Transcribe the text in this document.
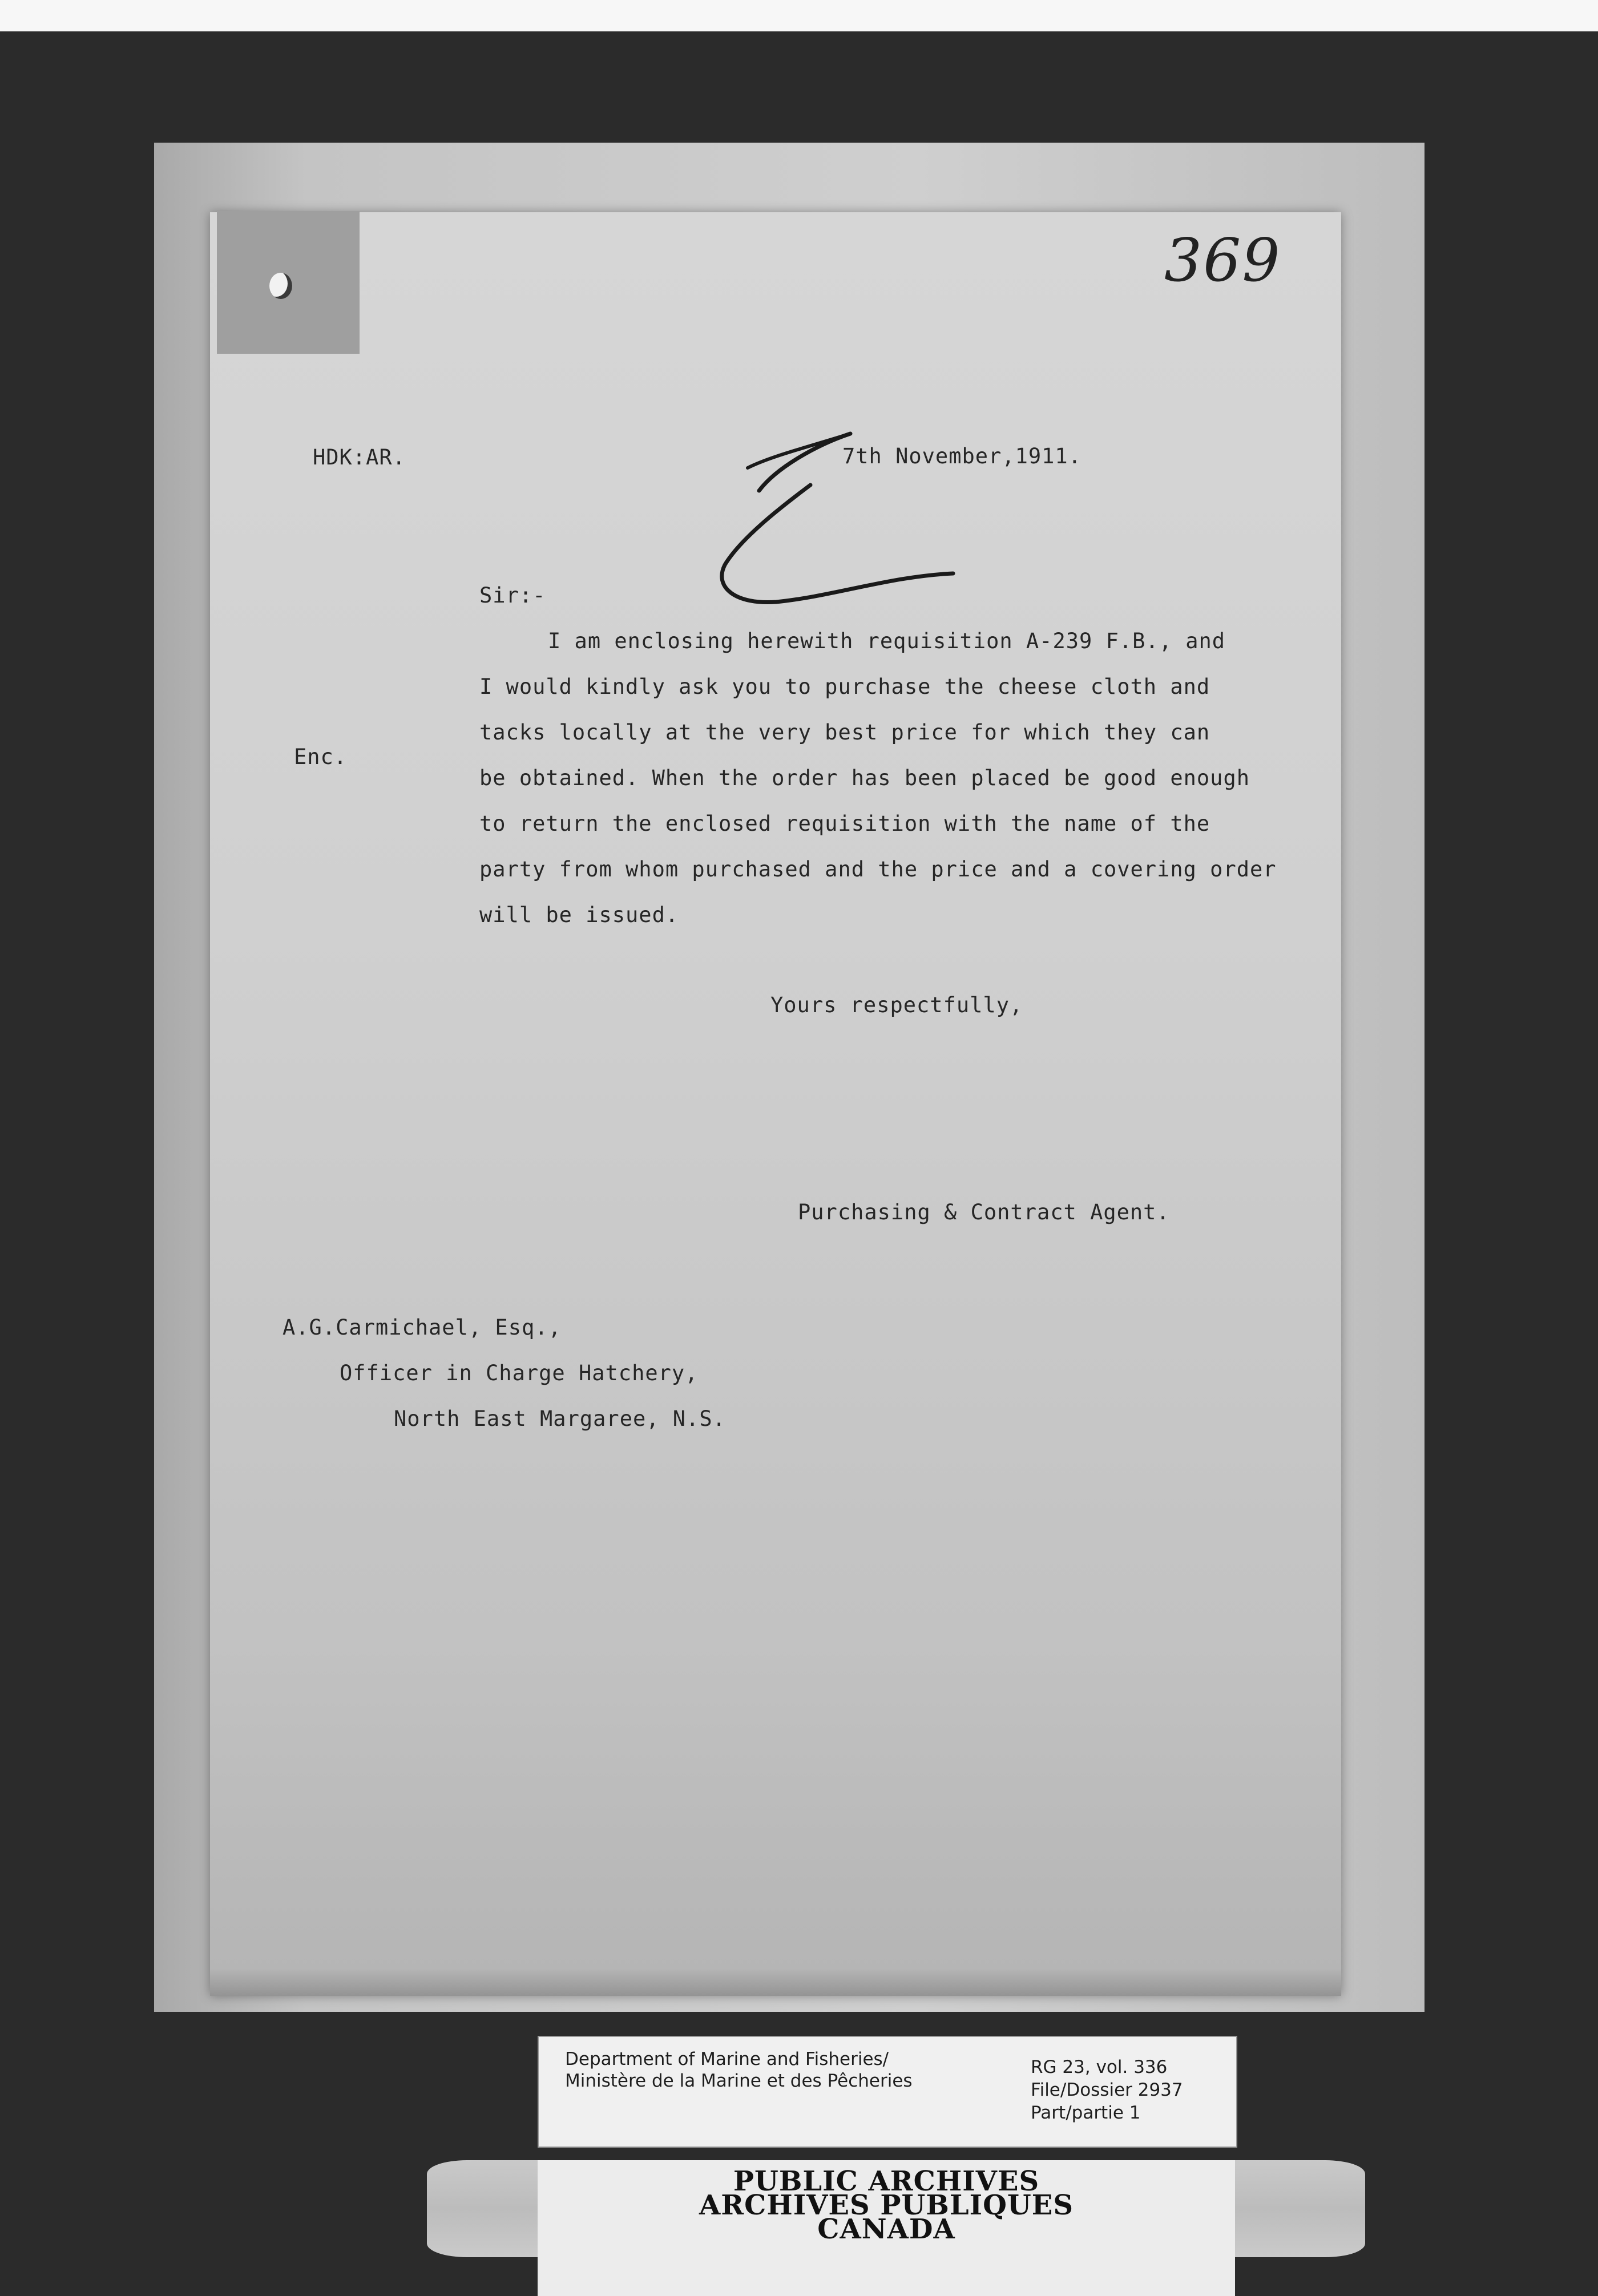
369
HDK:AR.	7th November,1911.
Sir:-
Enc.
I am enclosing herewith requisition A-239 F.B., and
I would kindly ask you to purchase the cheese cloth and
tacks locally at the very best price for which they can
be obtained. When the order has been placed be good enough
to return the enclosed requisition with the name of the
party from whom purchased and the price and a covering order
will be issued.
Yours respectfully,
Purchasing & Contract Agent.
A.G.Carmichael, Esq.,
Officer in Charge Hatchery,
North East Margaree, N.S.
Department of Marine and Fisheries/
Ministère de la Marine et des Pêcheries
RG 23, vol. 336
File/Dossier 2937
Part/partie 1
PUBLIC ARCHIVES
ARCHIVES PUBLIQUES
CANADA
